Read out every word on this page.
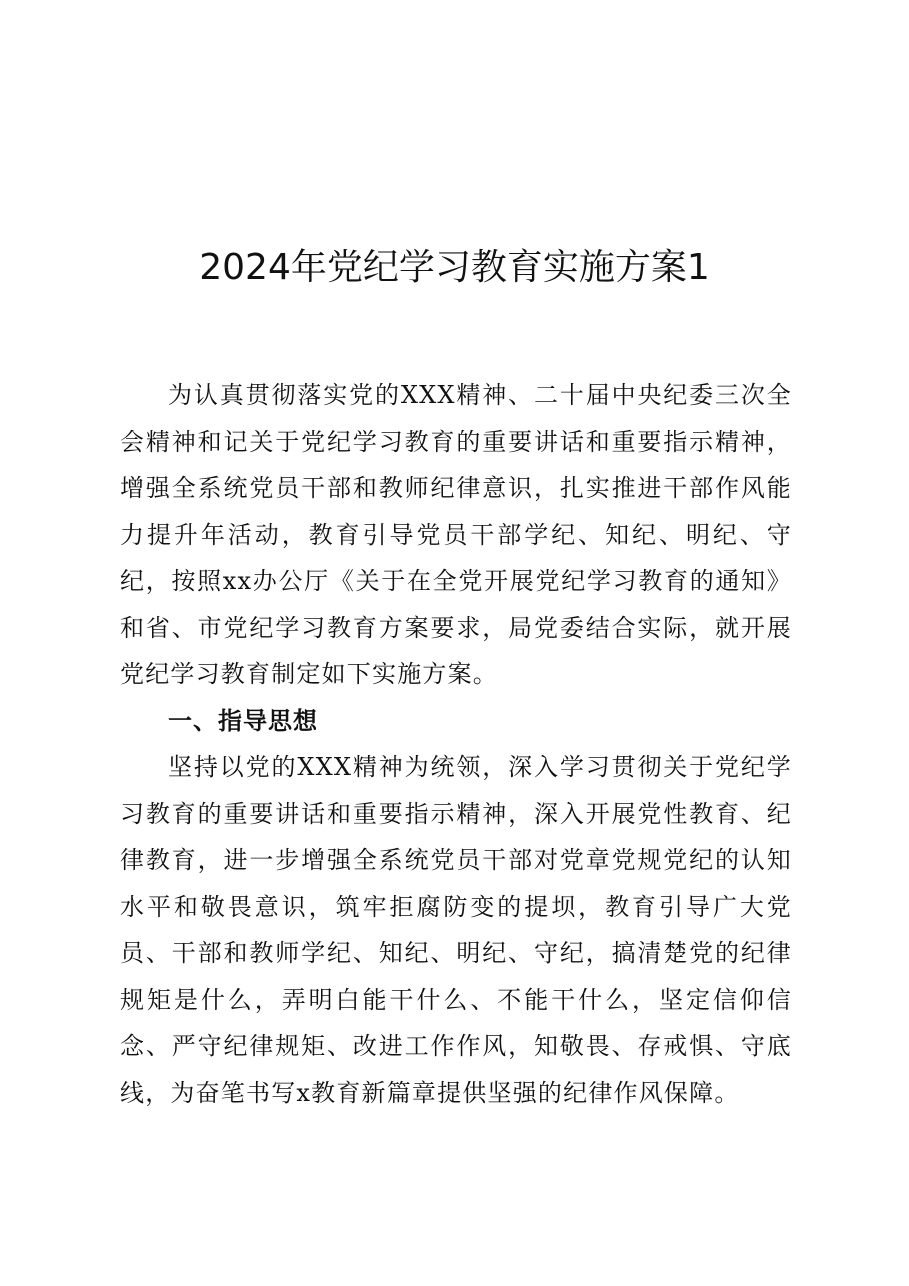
2024年党纪学习教育实施方案1

为认真贯彻落实党的XXX精神、二十届中央纪委三次全会精神和记关于党纪学习教育的重要讲话和重要指示精神，增强全系统党员干部和教师纪律意识，扎实推进干部作风能力提升年活动，教育引导党员干部学纪、知纪、明纪、守纪，按照xx办公厅《关于在全党开展党纪学习教育的通知》和省、市党纪学习教育方案要求，局党委结合实际，就开展党纪学习教育制定如下实施方案。

一、指导思想

坚持以党的XXX精神为统领，深入学习贯彻关于党纪学习教育的重要讲话和重要指示精神，深入开展党性教育、纪律教育，进一步增强全系统党员干部对党章党规党纪的认知水平和敬畏意识，筑牢拒腐防变的提坝，教育引导广大党员、干部和教师学纪、知纪、明纪、守纪，搞清楚党的纪律规矩是什么，弄明白能干什么、不能干什么，坚定信仰信念、严守纪律规矩、改进工作作风，知敬畏、存戒惧、守底线，为奋笔书写x教育新篇章提供坚强的纪律作风保障。
